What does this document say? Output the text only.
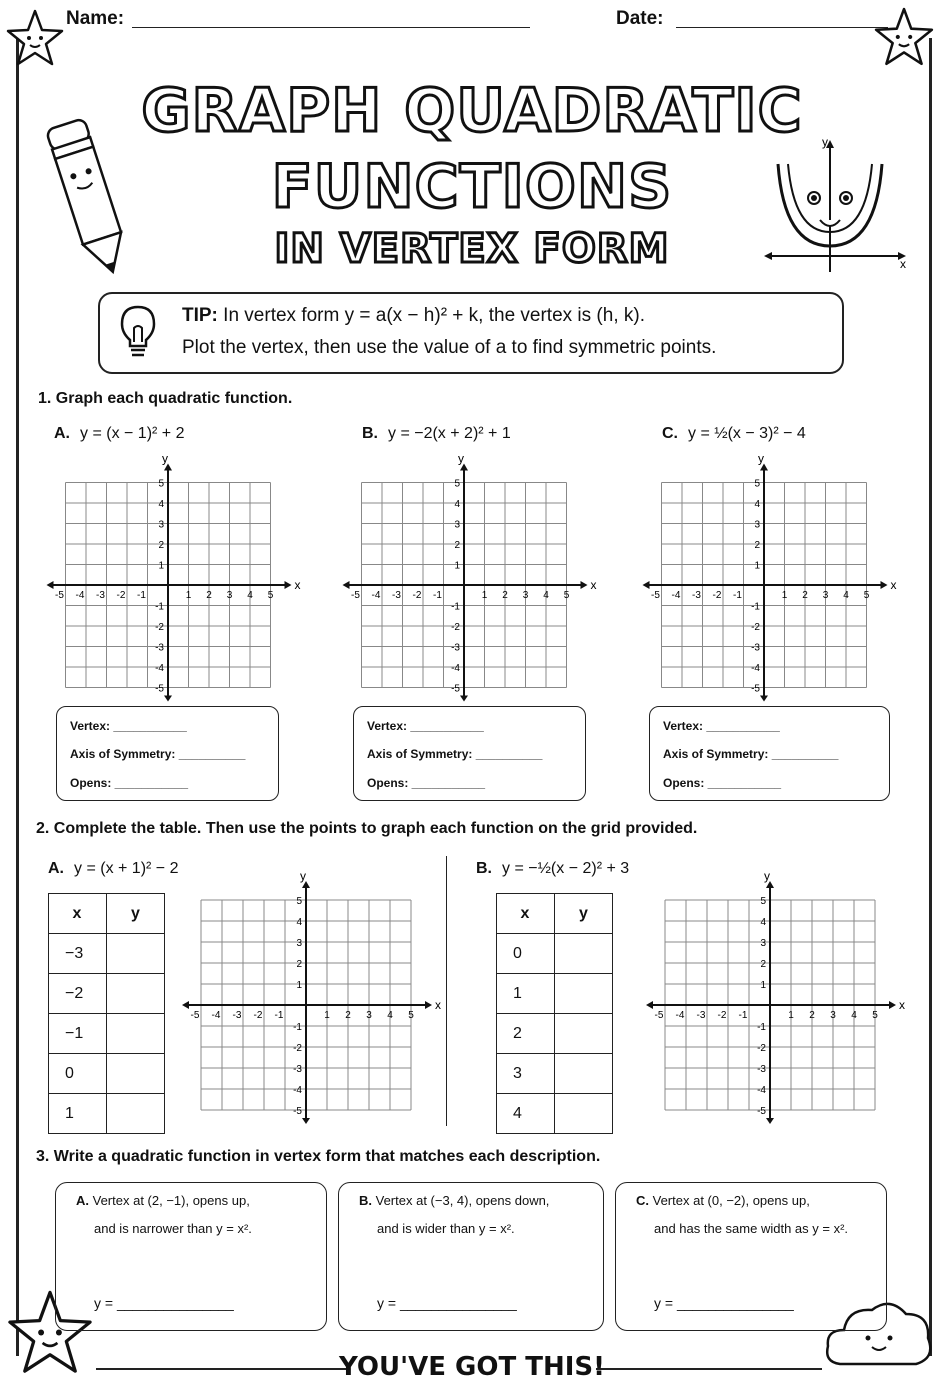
Name:	Date:
y
x
GRAPH QUADRATIC
FUNCTIONS
IN VERTEX FORM
TIP: In vertex form y = a(x − h)² + k, the vertex is (h, k).
Plot the vertex, then use the value of a to find symmetric points.
1. Graph each quadratic function.
A. y = (x − 1)² + 2	B. y = −2(x + 2)² + 1	C. y = ½(x − 3)² − 4
x
y
-5
-5
-4
-4
-3
-3
-2
-2
-1
-1
1
1
2
2
3
3
4
4
5
5
x
y
-5
-5
-4
-4
-3
-3
-2
-2
-1
-1
1
1
2
2
3
3
4
4
5
5
x
y
-5
-5
-4
-4
-3
-3
-2
-2
-1
-1
1
1
2
2
3
3
4
4
5
5
Vertex: ___________
Axis of Symmetry: __________
Opens: ___________
Vertex: ___________
Axis of Symmetry: __________
Opens: ___________
Vertex: ___________
Axis of Symmetry: __________
Opens: ___________
2. Complete the table. Then use the points to graph each function on the grid provided.
A. y = (x + 1)² − 2	B. y = −½(x − 2)² + 3
x	y
−3	
−2	
−1	
0	
1	
x	y
0	
1	
2	
3	
4	
x
y
-5
-5
-4
-4
-3
-3
-2
-2
-1
-1
1
1
2
2
3
3
4
4
5
5
x
y
-5
-5
-4
-4
-3
-3
-2
-2
-1
-1
1
1
2
2
3
3
4
4
5
5
3. Write a quadratic function in vertex form that matches each description.
A. Vertex at (2, −1), opens up,
and is narrower than y = x².
y = _______________
B. Vertex at (−3, 4), opens down,
and is wider than y = x².
y = _______________
C. Vertex at (0, −2), opens up,
and has the same width as y = x².
y = _______________
YOU'VE GOT THIS!
